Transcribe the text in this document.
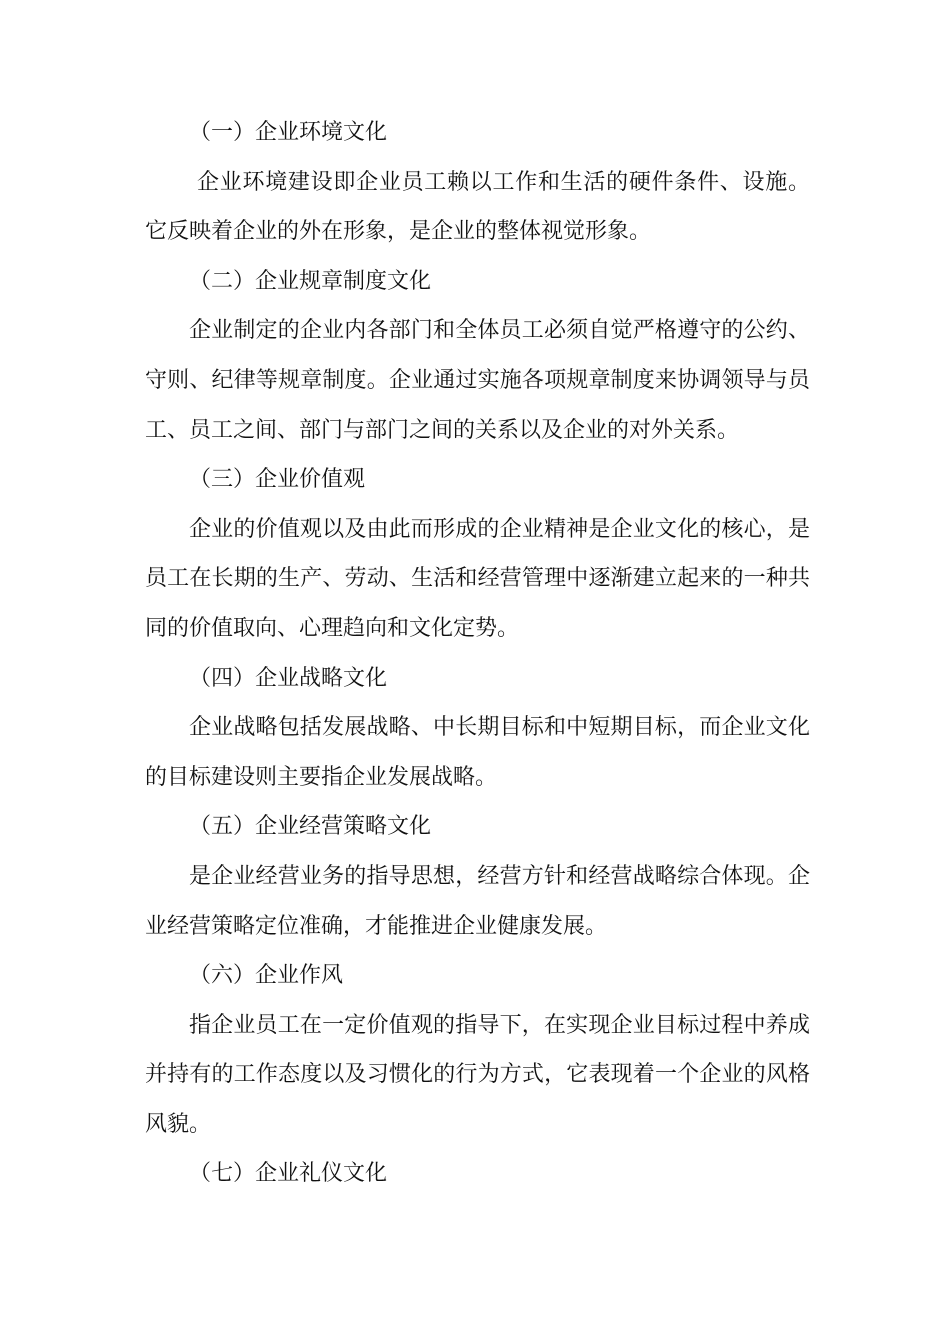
（一）企业环境文化
企业环境建设即企业员工赖以工作和生活的硬件条件、设施。
它反映着企业的外在形象，是企业的整体视觉形象。
（二）企业规章制度文化
企业制定的企业内各部门和全体员工必须自觉严格遵守的公约、
守则、纪律等规章制度。企业通过实施各项规章制度来协调领导与员
工、员工之间、部门与部门之间的关系以及企业的对外关系。
（三）企业价值观
企业的价值观以及由此而形成的企业精神是企业文化的核心，是
员工在长期的生产、劳动、生活和经营管理中逐渐建立起来的一种共
同的价值取向、心理趋向和文化定势。
（四）企业战略文化
企业战略包括发展战略、中长期目标和中短期目标，而企业文化
的目标建设则主要指企业发展战略。
（五）企业经营策略文化
是企业经营业务的指导思想，经营方针和经营战略综合体现。企
业经营策略定位准确，才能推进企业健康发展。
（六）企业作风
指企业员工在一定价值观的指导下，在实现企业目标过程中养成
并持有的工作态度以及习惯化的行为方式，它表现着一个企业的风格
风貌。
（七）企业礼仪文化
